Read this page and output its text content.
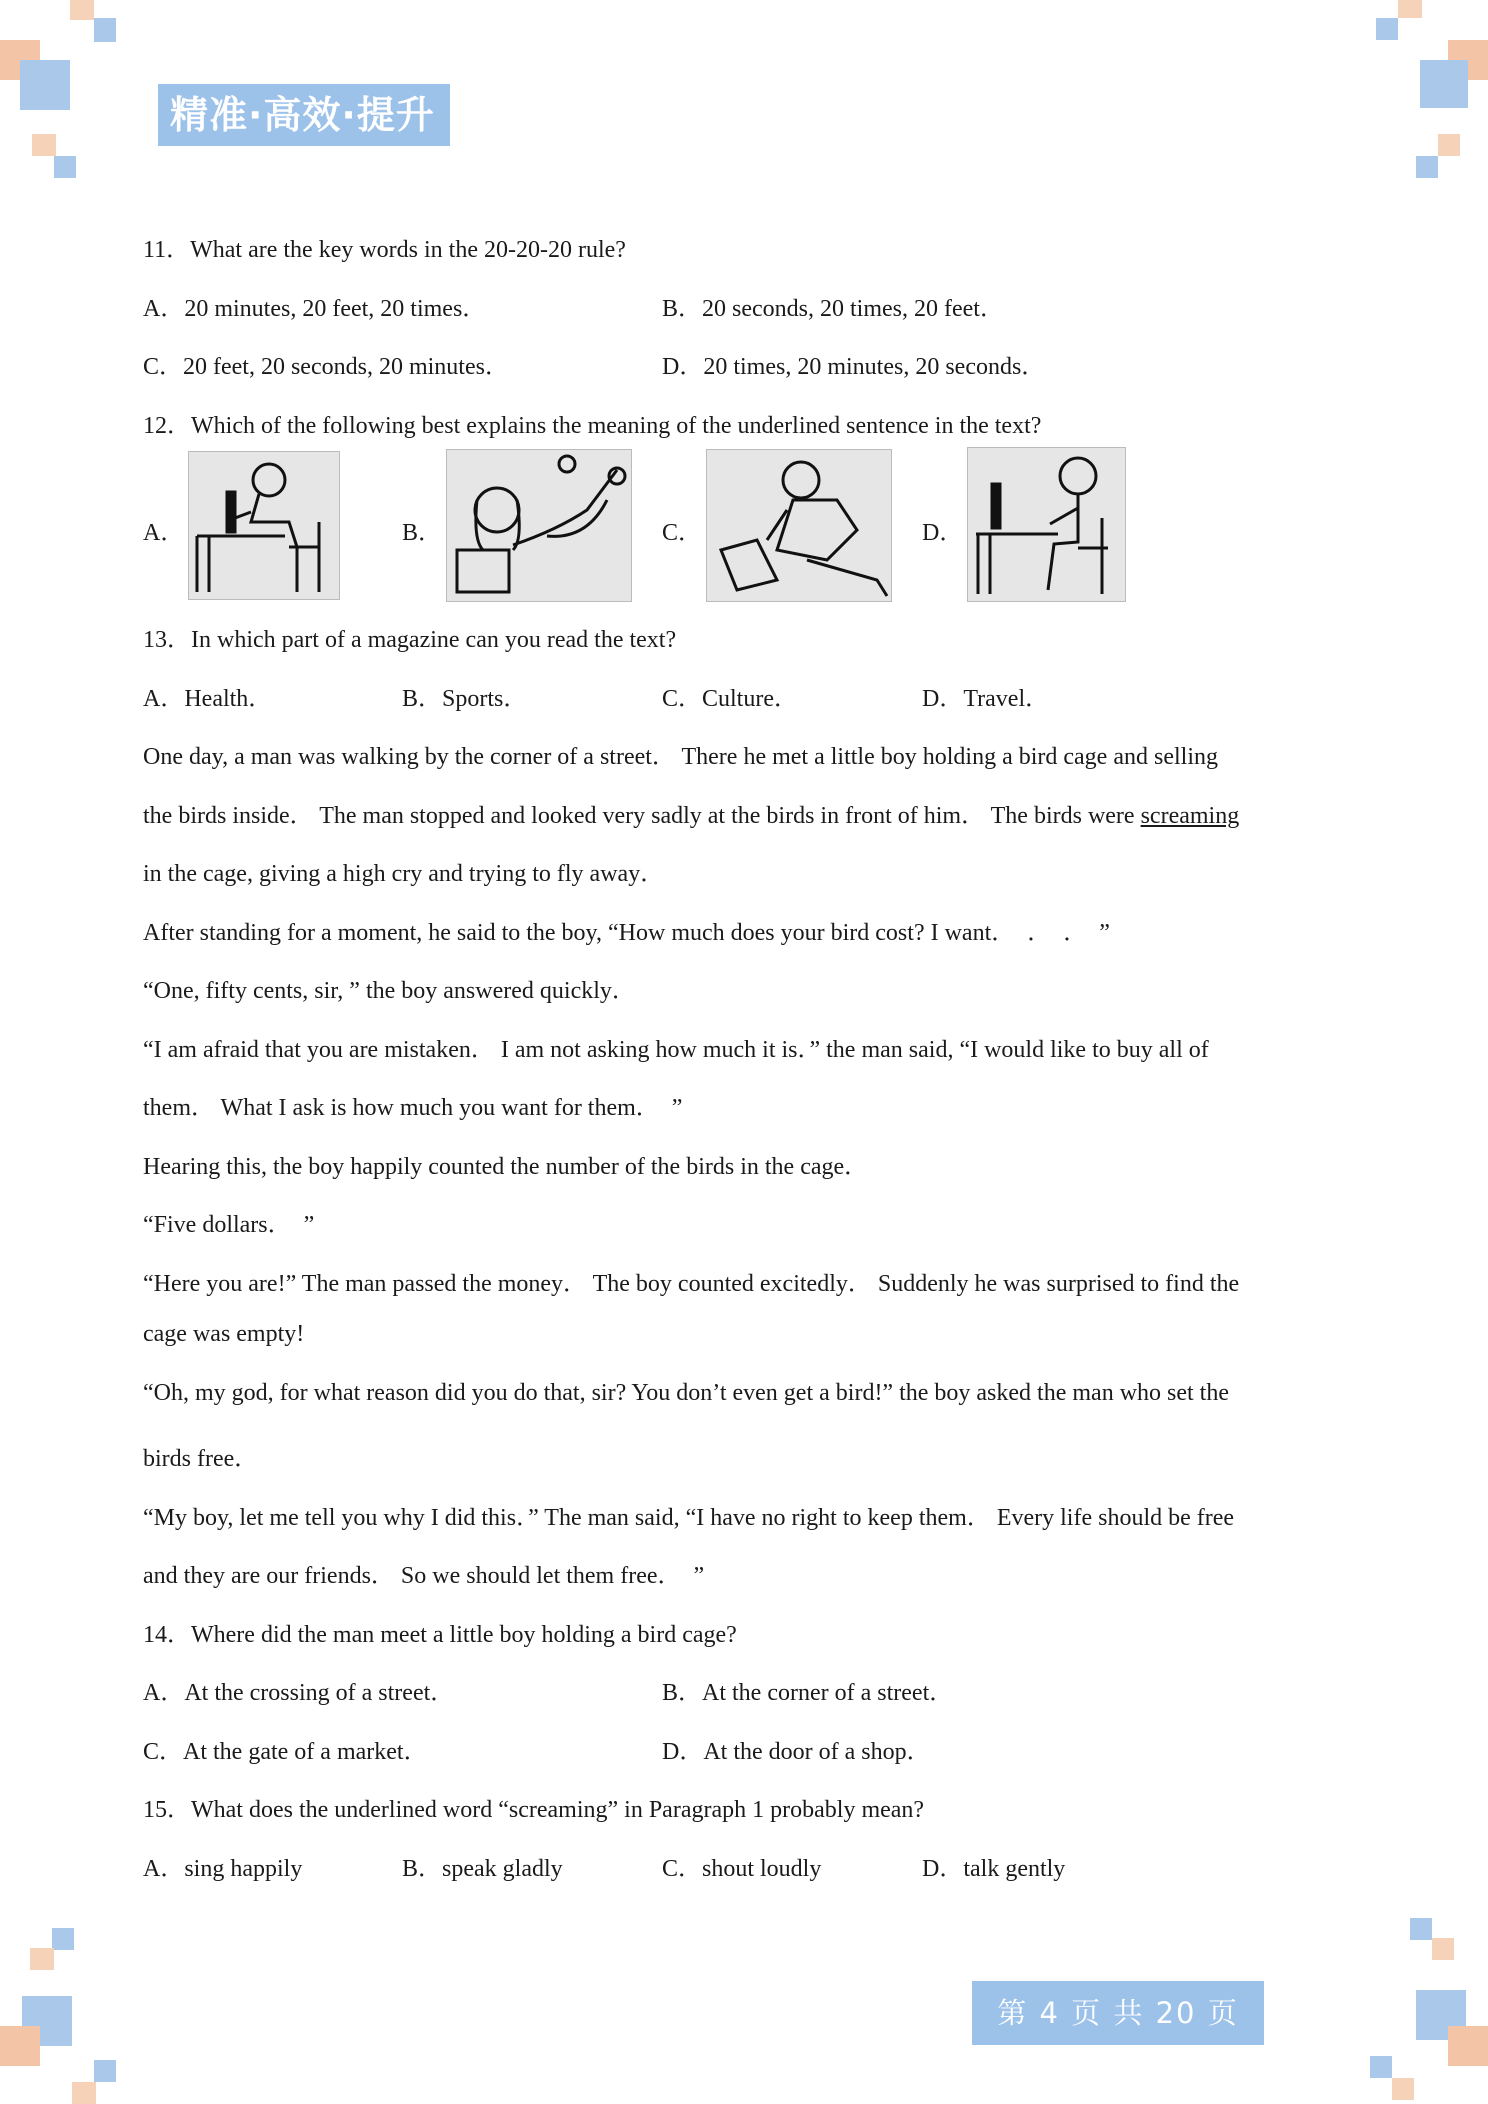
精准·高效·提升
11．What are the key words in the 20-20-20 rule?
A．20 minutes, 20 feet, 20 times．	B．20 seconds, 20 times, 20 feet．
C．20 feet, 20 seconds, 20 minutes．	D．20 times, 20 minutes, 20 seconds．
12．Which of the following best explains the meaning of the underlined sentence in the text?
A．	B．	C．	D．
13．In which part of a magazine can you read the text?
A．Health．	B．Sports．	C．Culture．	D．Travel．
One day, a man was walking by the corner of a street． There he met a little boy holding a bird cage and selling
the birds inside． The man stopped and looked very sadly at the birds in front of him． The birds were screaming
in the cage, giving a high cry and trying to fly away．
After standing for a moment, he said to the boy, “How much does your bird cost? I want．　．　．　”
“One, fifty cents, sir, ” the boy answered quickly．
“I am afraid that you are mistaken． I am not asking how much it is．” the man said, “I would like to buy all of
them． What I ask is how much you want for them．　”
Hearing this, the boy happily counted the number of the birds in the cage．
“Five dollars．　”
“Here you are!” The man passed the money． The boy counted excitedly． Suddenly he was surprised to find the
cage was empty!
“Oh, my god, for what reason did you do that, sir? You don’t even get a bird!” the boy asked the man who set the
birds free．
“My boy, let me tell you why I did this．” The man said, “I have no right to keep them． Every life should be free
and they are our friends． So we should let them free．　”
14．Where did the man meet a little boy holding a bird cage?
A．At the crossing of a street．	B．At the corner of a street．
C．At the gate of a market．	D．At the door of a shop．
15．What does the underlined word “screaming” in Paragraph 1 probably mean?
A．sing happily	B．speak gladly	C．shout loudly	D．talk gently
第 4 页 共 20 页
